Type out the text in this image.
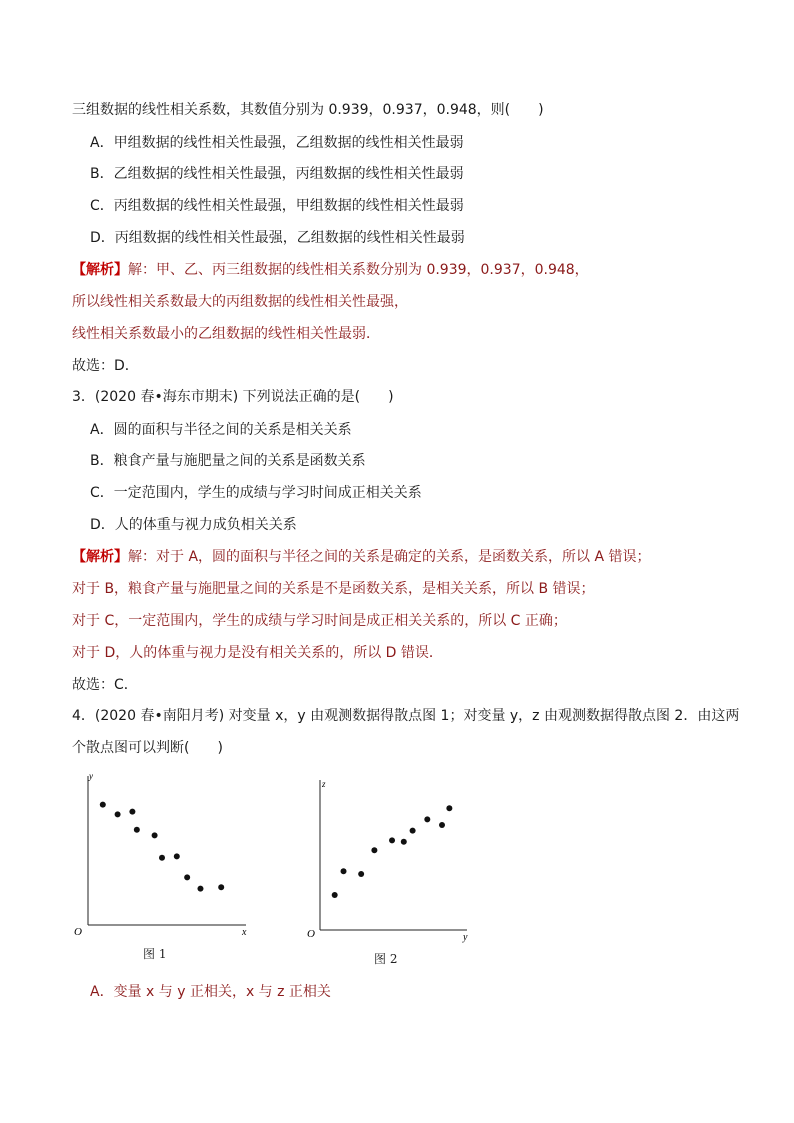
三组数据的线性相关系数，其数值分别为 0.939，0.937，0.948，则(　　)
A．甲组数据的线性相关性最强，乙组数据的线性相关性最弱
B．乙组数据的线性相关性最强，丙组数据的线性相关性最弱
C．丙组数据的线性相关性最强，甲组数据的线性相关性最弱
D．丙组数据的线性相关性最强，乙组数据的线性相关性最弱
【解析】解：甲、乙、丙三组数据的线性相关系数分别为 0.939，0.937，0.948，
所以线性相关系数最大的丙组数据的线性相关性最强，
线性相关系数最小的乙组数据的线性相关性最弱．
故选：D．
3．(2020 春•海东市期末) 下列说法正确的是(　　)
A．圆的面积与半径之间的关系是相关关系
B．粮食产量与施肥量之间的关系是函数关系
C．一定范围内，学生的成绩与学习时间成正相关关系
D．人的体重与视力成负相关关系
【解析】解：对于 A，圆的面积与半径之间的关系是确定的关系，是函数关系，所以 A 错误；
对于 B，粮食产量与施肥量之间的关系是不是函数关系，是相关关系，所以 B 错误；
对于 C，一定范围内，学生的成绩与学习时间是成正相关关系的，所以 C 正确；
对于 D，人的体重与视力是没有相关关系的，所以 D 错误．
故选：C．
4．(2020 春•南阳月考) 对变量 x，y 由观测数据得散点图 1；对变量 y，z 由观测数据得散点图 2．由这两
个散点图可以判断(　　)
O	x
y
图 1
O	y
z
图 2
A．变量 x 与 y 正相关，x 与 z 正相关
